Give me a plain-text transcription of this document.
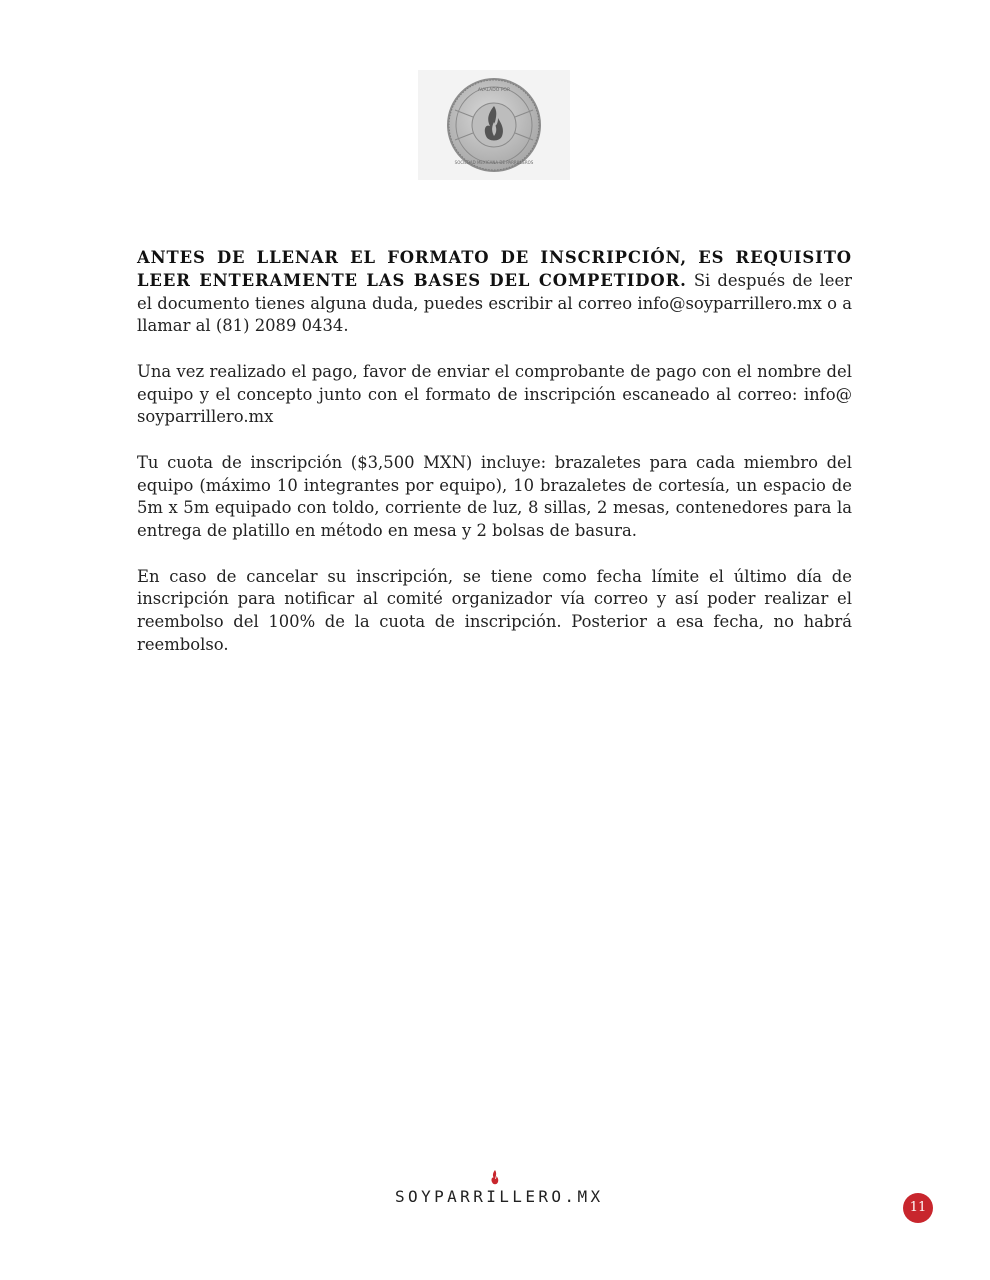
AVALADO POR
SOCIEDAD MEXICANA DE PARRILLEROS

ANTES DE LLENAR EL FORMATO DE INSCRIPCIÓN, ES REQUISITO LEER ENTERAMENTE LAS BASES DEL COMPETIDOR. Si después de leer el documento tienes alguna duda, puedes escribir al correo info@soyparrillero.mx o a llamar al (81) 2089 0434.

Una vez realizado el pago, favor de enviar el comprobante de pago con el nombre del equipo y el concepto junto con el formato de inscripción escaneado al correo: info@ soyparrillero.mx

Tu cuota de inscripción ($3,500 MXN) incluye: brazaletes para cada miembro del equipo (máximo 10 integrantes por equipo), 10 brazaletes de cortesía, un espacio de 5m x 5m equipado con toldo, corriente de luz, 8 sillas, 2 mesas, contenedores para la entrega de platillo en método en mesa y 2 bolsas de basura.

En caso de cancelar su inscripción, se tiene como fecha límite el último día de inscripción para notificar al comité organizador vía correo y así poder realizar el reembolso del 100% de la cuota de inscripción. Posterior a esa fecha, no habrá reembolso.

SOYPARRILLERO.MX
11
